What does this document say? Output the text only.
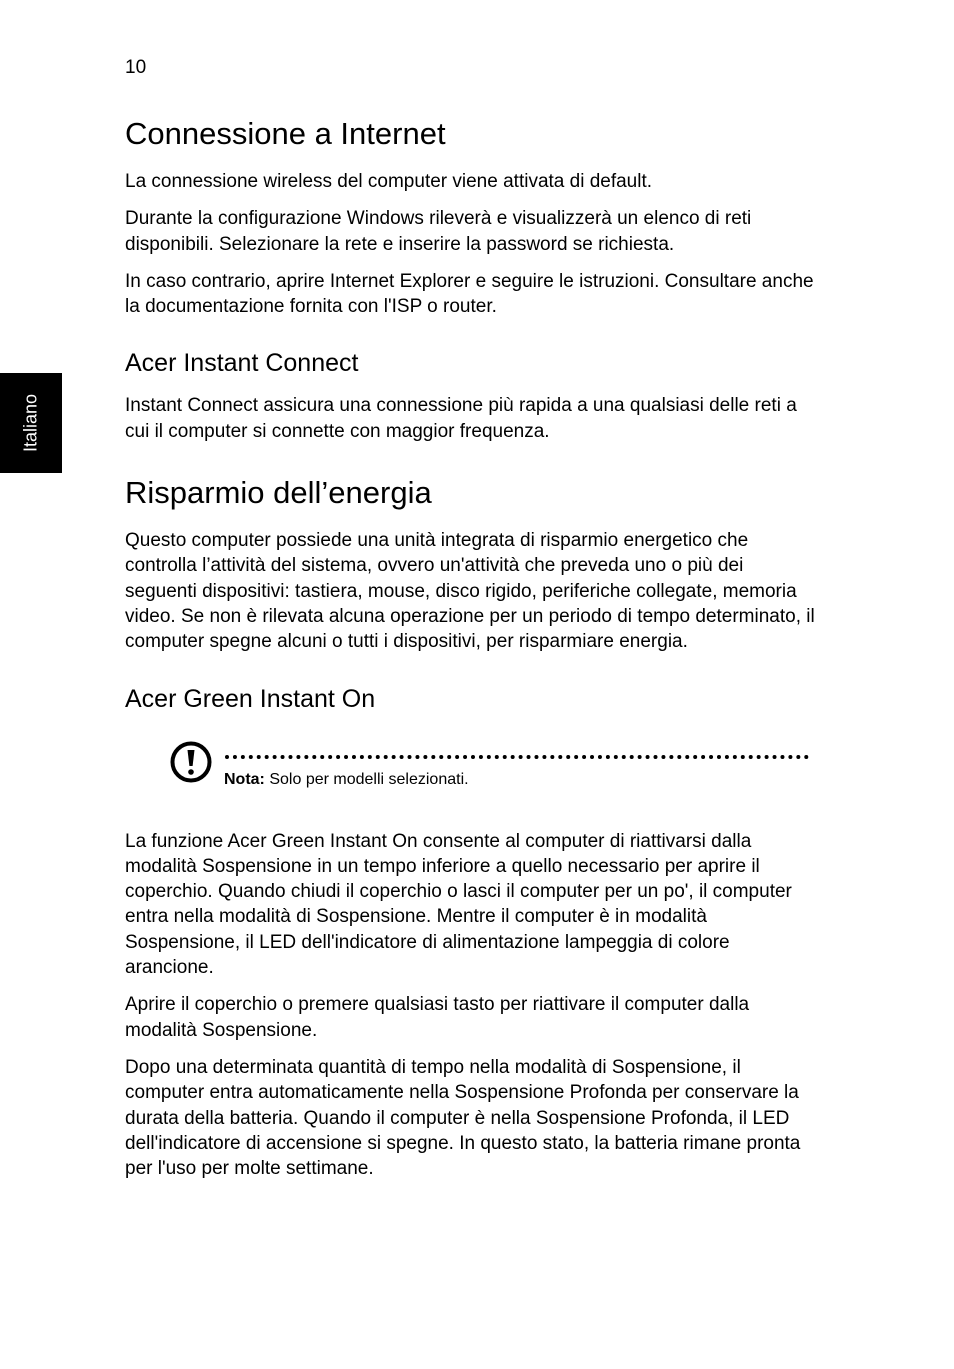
10
Italiano
Connessione a Internet

La connessione wireless del computer viene attivata di default.

Durante la configurazione Windows rileverà e visualizzerà un elenco di reti disponibili. Selezionare la rete e inserire la password se richiesta.

In caso contrario, aprire Internet Explorer e seguire le istruzioni. Consultare anche la documentazione fornita con l'ISP o router.

Acer Instant Connect

Instant Connect assicura una connessione più rapida a una qualsiasi delle reti a cui il computer si connette con maggior frequenza.

Risparmio dell’energia

Questo computer possiede una unità integrata di risparmio energetico che controlla l’attività del sistema, ovvero un'attività che preveda uno o più dei seguenti dispositivi: tastiera, mouse, disco rigido, periferiche collegate, memoria video. Se non è rilevata alcuna operazione per un periodo di tempo determinato, il computer spegne alcuni o tutti i dispositivi, per risparmiare energia.

Acer Green Instant On
Nota: Solo per modelli selezionati.

La funzione Acer Green Instant On consente al computer di riattivarsi dalla modalità Sospensione in un tempo inferiore a quello necessario per aprire il coperchio. Quando chiudi il coperchio o lasci il computer per un po', il computer entra nella modalità di Sospensione. Mentre il computer è in modalità Sospensione, il LED dell'indicatore di alimentazione lampeggia di colore arancione.

Aprire il coperchio o premere qualsiasi tasto per riattivare il computer dalla modalità Sospensione.

Dopo una determinata quantità di tempo nella modalità di Sospensione, il computer entra automaticamente nella Sospensione Profonda per conservare la durata della batteria. Quando il computer è nella Sospensione Profonda, il LED dell'indicatore di accensione si spegne. In questo stato, la batteria rimane pronta per l'uso per molte settimane.
